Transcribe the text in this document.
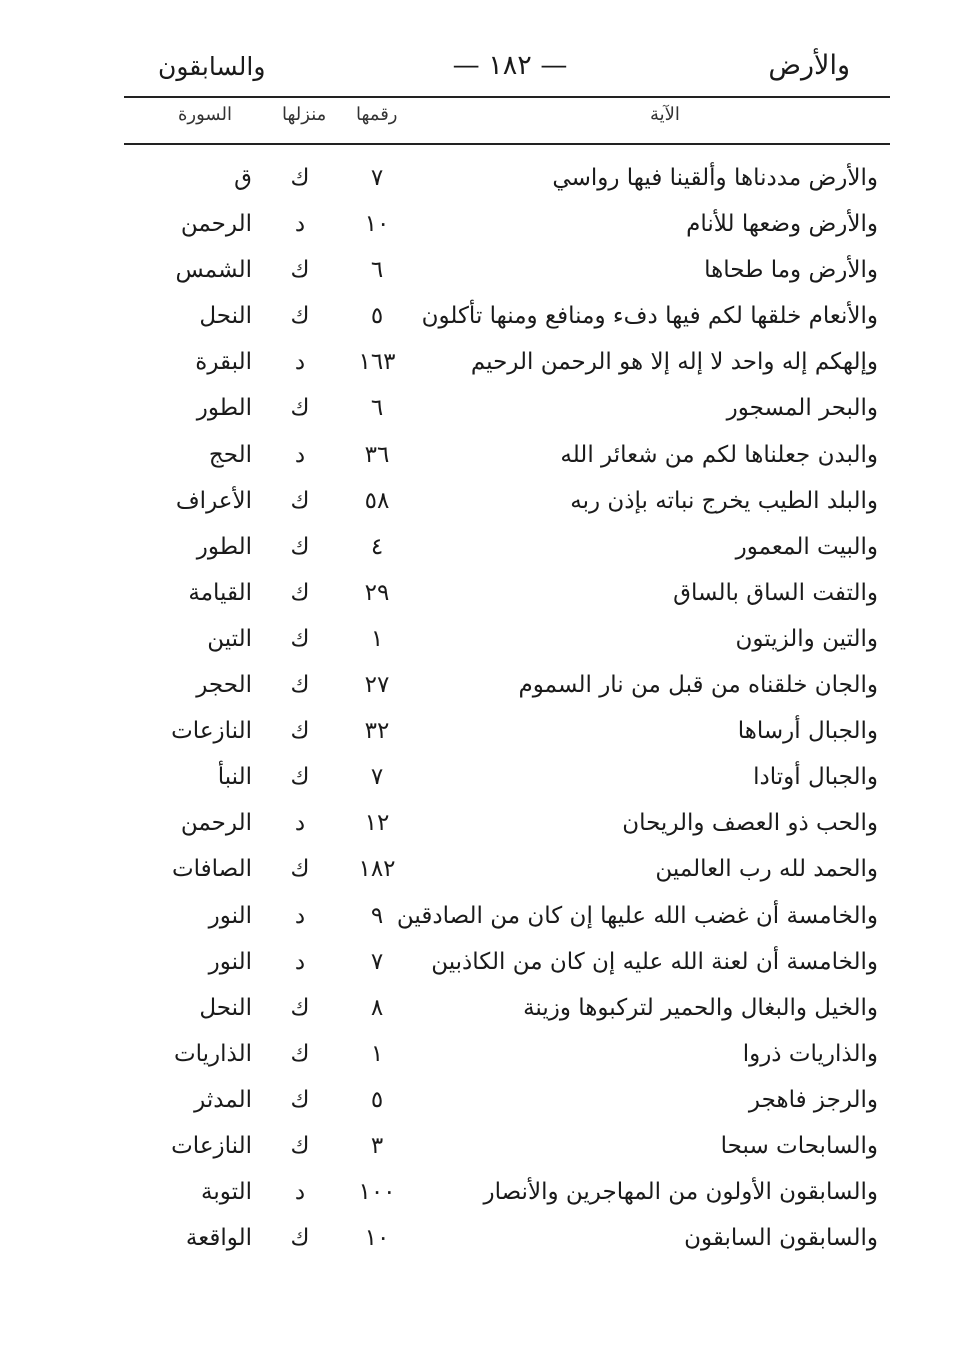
والأرض
— ١٨٢ —
والسابقون
الآية
رقمها
منزلها
السورة
والأرض مددناها وألقينا فيها رواسي
٧
ك
ق
والأرض وضعها للأنام
١٠
د
الرحمن
والأرض وما طحاها
٦
ك
الشمس
والأنعام خلقها لكم فيها دفء ومنافع ومنها تأكلون
٥
ك
النحل
وإلهكم إله واحد لا إله إلا هو الرحمن الرحيم
١٦٣
د
البقرة
والبحر المسجور
٦
ك
الطور
والبدن جعلناها لكم من شعائر الله
٣٦
د
الحج
والبلد الطيب يخرج نباته بإذن ربه
٥٨
ك
الأعراف
والبيت المعمور
٤
ك
الطور
والتفت الساق بالساق
٢٩
ك
القيامة
والتين والزيتون
١
ك
التين
والجان خلقناه من قبل من نار السموم
٢٧
ك
الحجر
والجبال أرساها
٣٢
ك
النازعات
والجبال أوتادا
٧
ك
النبأ
والحب ذو العصف والريحان
١٢
د
الرحمن
والحمد لله رب العالمين
١٨٢
ك
الصافات
والخامسة أن غضب الله عليها إن كان من الصادقين
٩
د
النور
والخامسة أن لعنة الله عليه إن كان من الكاذبين
٧
د
النور
والخيل والبغال والحمير لتركبوها وزينة
٨
ك
النحل
والذاريات ذروا
١
ك
الذاريات
والرجز فاهجر
٥
ك
المدثر
والسابحات سبحا
٣
ك
النازعات
والسابقون الأولون من المهاجرين والأنصار
١٠٠
د
التوبة
والسابقون السابقون
١٠
ك
الواقعة
